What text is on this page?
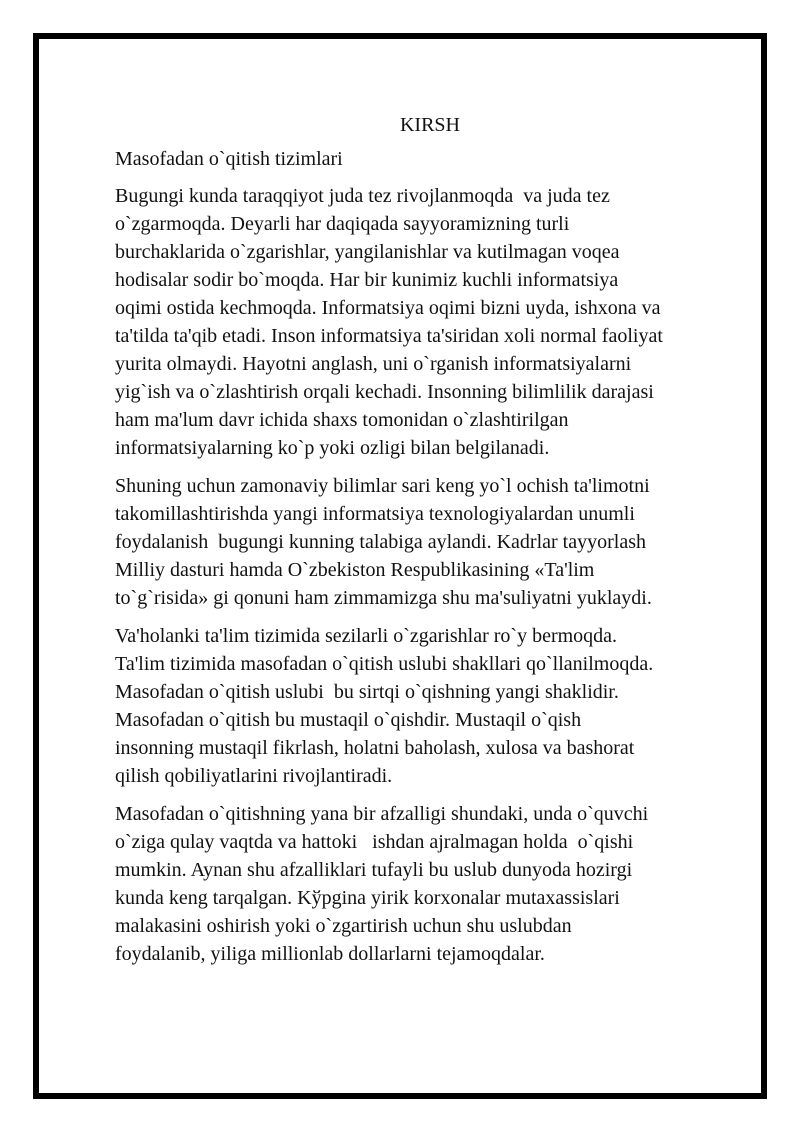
KIRSH

Masofadan o`qitish tizimlari

Bugungi kunda taraqqiyot juda tez rivojlanmoqda  va juda tez
o`zgarmoqda. Deyarli har daqiqada sayyoramizning turli
burchaklarida o`zgarishlar, yangilanishlar va kutilmagan voqea
hodisalar sodir bo`moqda. Har bir kunimiz kuchli informatsiya
oqimi ostida kechmoqda. Informatsiya oqimi bizni uyda, ishxona va
ta'tilda ta'qib etadi. Inson informatsiya ta'siridan xoli normal faoliyat
yurita olmaydi. Hayotni anglash, uni o`rganish informatsiyalarni
yig`ish va o`zlashtirish orqali kechadi. Insonning bilimlilik darajasi
ham ma'lum davr ichida shaxs tomonidan o`zlashtirilgan
informatsiyalarning ko`p yoki ozligi bilan belgilanadi.
Shuning uchun zamonaviy bilimlar sari keng yo`l ochish ta'limotni
takomillashtirishda yangi informatsiya texnologiyalardan unumli
foydalanish  bugungi kunning talabiga aylandi. Kadrlar tayyorlash
Milliy dasturi hamda O`zbekiston Respublikasining «Ta'lim
to`g`risida» gi qonuni ham zimmamizga shu ma'suliyatni yuklaydi.
Va'holanki ta'lim tizimida sezilarli o`zgarishlar ro`y bermoqda.
Ta'lim tizimida masofadan o`qitish uslubi shakllari qo`llanilmoqda.
Masofadan o`qitish uslubi  bu sirtqi o`qishning yangi shaklidir.
Masofadan o`qitish bu mustaqil o`qishdir. Mustaqil o`qish
insonning mustaqil fikrlash, holatni baholash, xulosa va bashorat
qilish qobiliyatlarini rivojlantiradi.
Masofadan o`qitishning yana bir afzalligi shundaki, unda o`quvchi
o`ziga qulay vaqtda va hattoki   ishdan ajralmagan holda  o`qishi
mumkin. Aynan shu afzalliklari tufayli bu uslub dunyoda hozirgi
kunda keng tarqalgan. Kўpgina yirik korxonalar mutaxassislari
malakasini oshirish yoki o`zgartirish uchun shu uslubdan
foydalanib, yiliga millionlab dollarlarni tejamoqdalar.
